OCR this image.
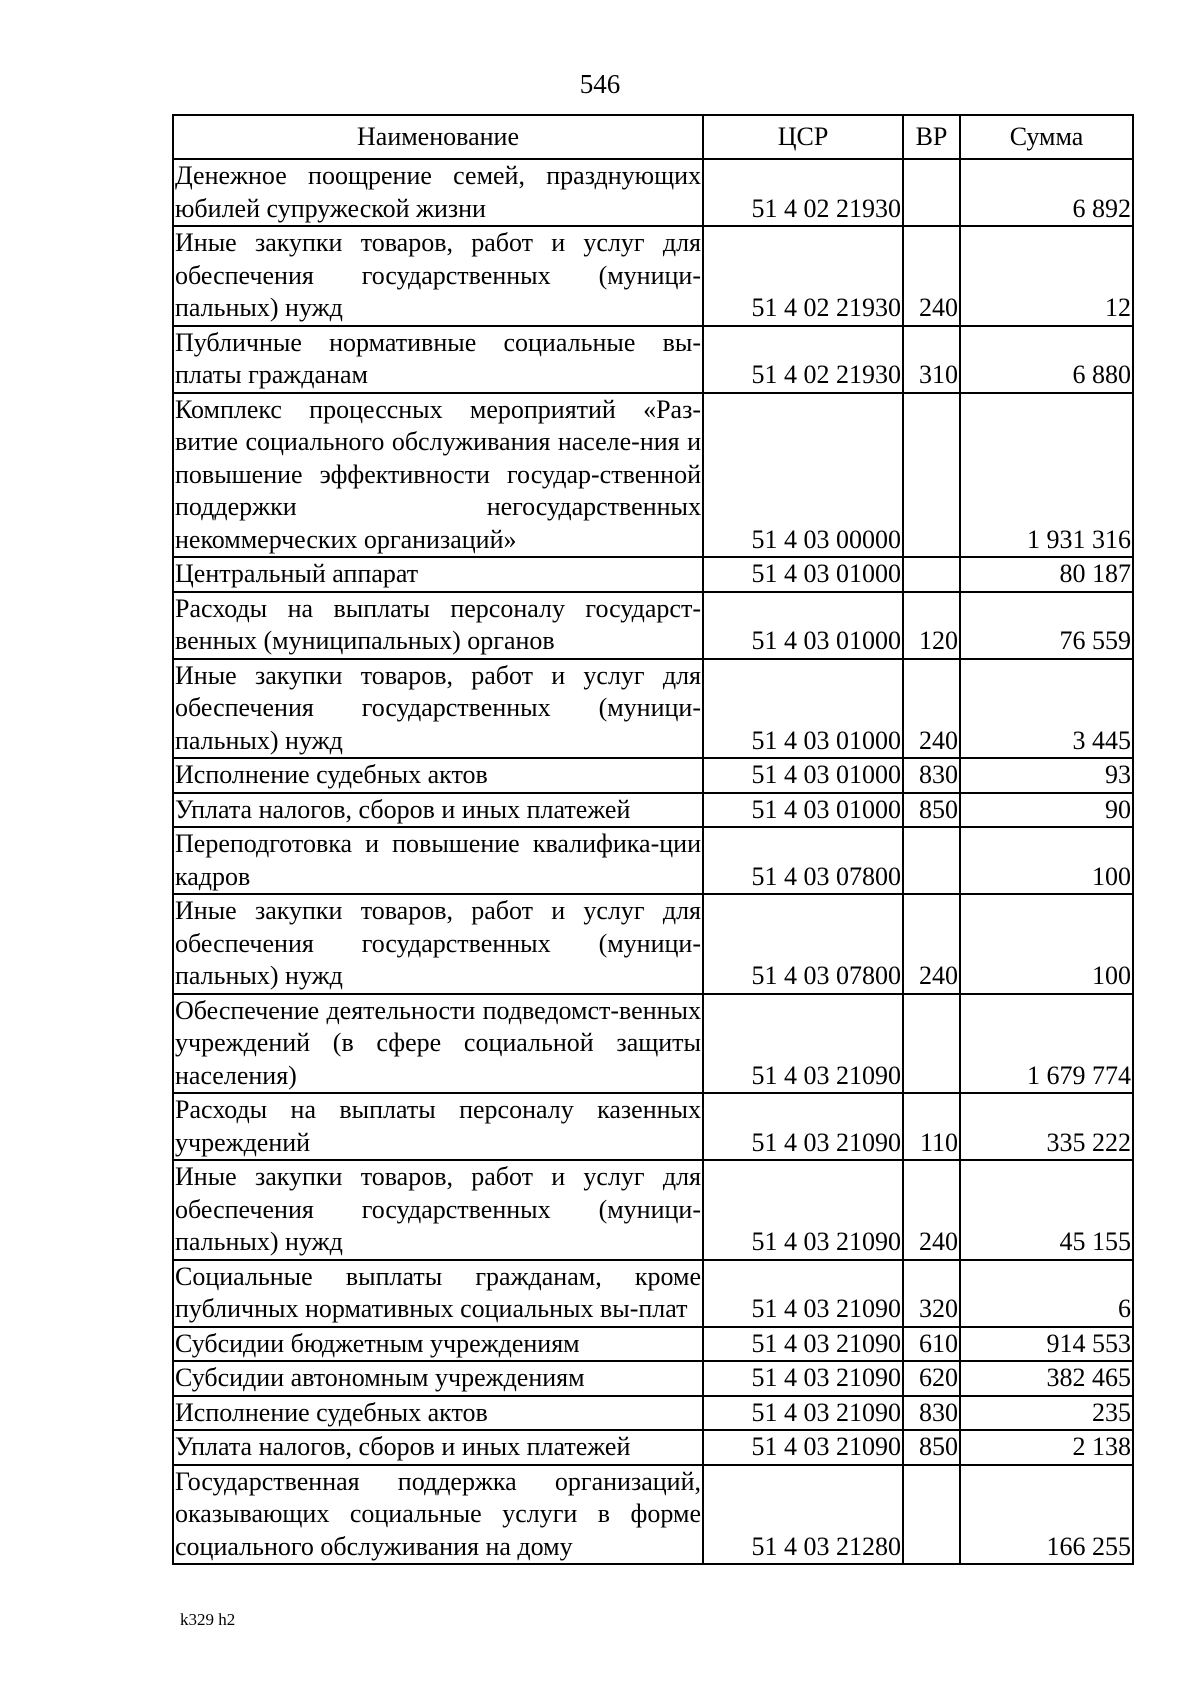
546
Наименование	ЦСР	ВР	Сумма
Денежное поощрение семей, празднующих юбилей супружеской жизни	51 4 02 21930		6 892
Иные закупки товаров, работ и услуг для обеспечения государственных (муници-пальных) нужд	51 4 02 21930	240	12
Публичные нормативные социальные вы-платы гражданам	51 4 02 21930	310	6 880
Комплекс процессных мероприятий «Раз-витие социального обслуживания населе-ния и повышение эффективности государ-ственной поддержки негосударственных некоммерческих организаций»	51 4 03 00000		1 931 316
Центральный аппарат	51 4 03 01000		80 187
Расходы на выплаты персоналу государст-венных (муниципальных) органов	51 4 03 01000	120	76 559
Иные закупки товаров, работ и услуг для обеспечения государственных (муници-пальных) нужд	51 4 03 01000	240	3 445
Исполнение судебных актов	51 4 03 01000	830	93
Уплата налогов, сборов и иных платежей	51 4 03 01000	850	90
Переподготовка и повышение квалифика-ции кадров	51 4 03 07800		100
Иные закупки товаров, работ и услуг для обеспечения государственных (муници-пальных) нужд	51 4 03 07800	240	100
Обеспечение деятельности подведомст-венных учреждений (в сфере социальной защиты населения)	51 4 03 21090		1 679 774
Расходы на выплаты персоналу казенных учреждений	51 4 03 21090	110	335 222
Иные закупки товаров, работ и услуг для обеспечения государственных (муници-пальных) нужд	51 4 03 21090	240	45 155
Социальные выплаты гражданам, кроме публичных нормативных социальных вы-плат	51 4 03 21090	320	6
Субсидии бюджетным учреждениям	51 4 03 21090	610	914 553
Субсидии автономным учреждениям	51 4 03 21090	620	382 465
Исполнение судебных актов	51 4 03 21090	830	235
Уплата налогов, сборов и иных платежей	51 4 03 21090	850	2 138
Государственная поддержка организаций, оказывающих социальные услуги в форме социального обслуживания на дому	51 4 03 21280		166 255
k329 h2
